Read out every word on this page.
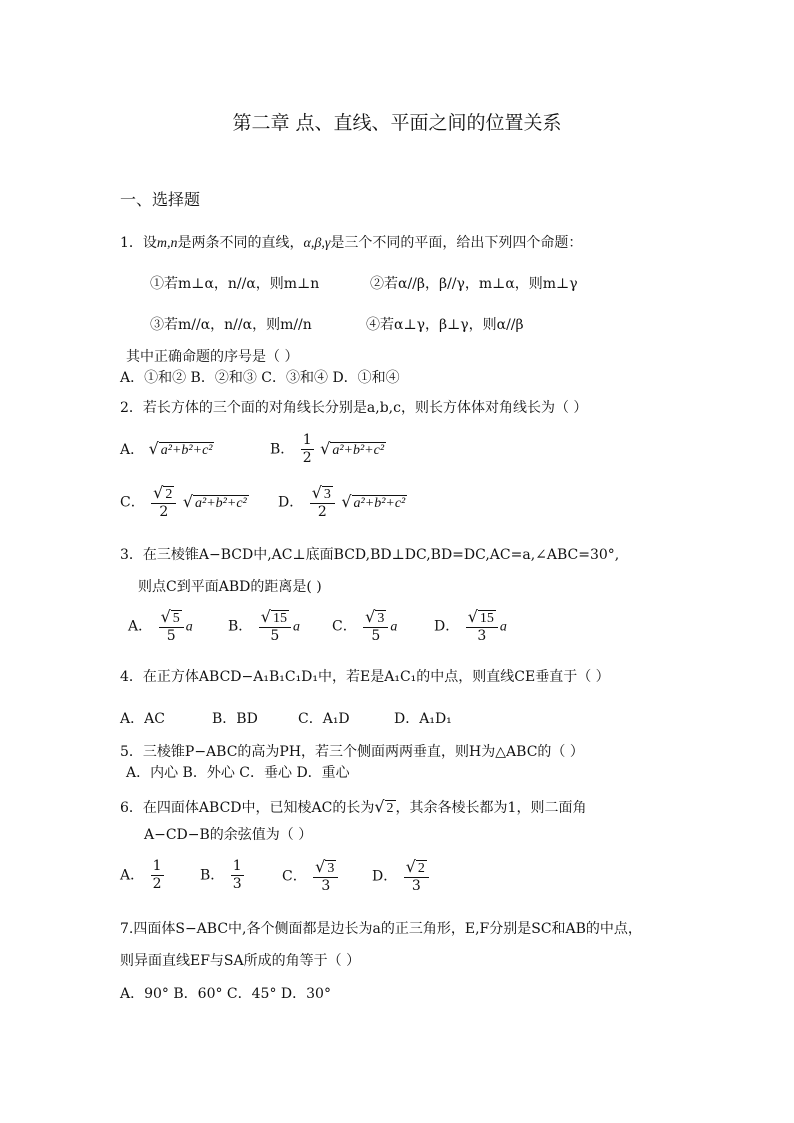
第二章 点、直线、平面之间的位置关系
一、选择题
1．设m,n是两条不同的直线，α,β,γ是三个不同的平面，给出下列四个命题：
①若m⊥α，n//α，则m⊥n	②若α//β，β//γ，m⊥α，则m⊥γ
③若m//α，n//α，则m//n	④若α⊥γ，β⊥γ，则α//β
其中正确命题的序号是（ ）
A．①和② B．②和③ C．③和④ D．①和④
2．若长方体的三个面的对角线长分别是a,b,c，则长方体体对角线长为（ ）
A． √ a²+b²+c²	B． $\frac{1}{2}$ √ a²+b²+c²
C． $\frac{√ 2}{2}$ √ a²+b²+c² D． $\frac{√ 3}{2}$ √ a²+b²+c²
3．在三棱锥A−BCD中,AC⊥底面BCD,BD⊥DC,BD=DC,AC=a,∠ABC=30°,
则点C到平面ABD的距离是( )
A． $\frac{√ 5}{5}$ a	B． $\frac{√ 15}{5}$ a C． $\frac{√ 3}{5}$ a	D． $\frac{√ 15}{3}$ a
4．在正方体ABCD−A₁B₁C₁D₁中，若E是A₁C₁的中点，则直线CE垂直于（ ）
A．AC	B．BD	C．A₁D	D．A₁D₁
5．三棱锥P−ABC的高为PH，若三个侧面两两垂直，则H为△ABC的（ ）
A．内心 B．外心 C．垂心 D．重心
6．在四面体ABCD中，已知棱AC的长为√ 2 ，其余各棱长都为1，则二面角
A−CD−B的余弦值为（ ）
A． $\frac{1}{2}$	B． $\frac{1}{3}$	C． $\frac{√ 3}{3}$ D． $\frac{√ 2}{3}$
7.四面体S−ABC中,各个侧面都是边长为a的正三角形，E,F分别是SC和AB的中点，
则异面直线EF与SA所成的角等于（ ）
A．90° B．60° C．45° D．30°
